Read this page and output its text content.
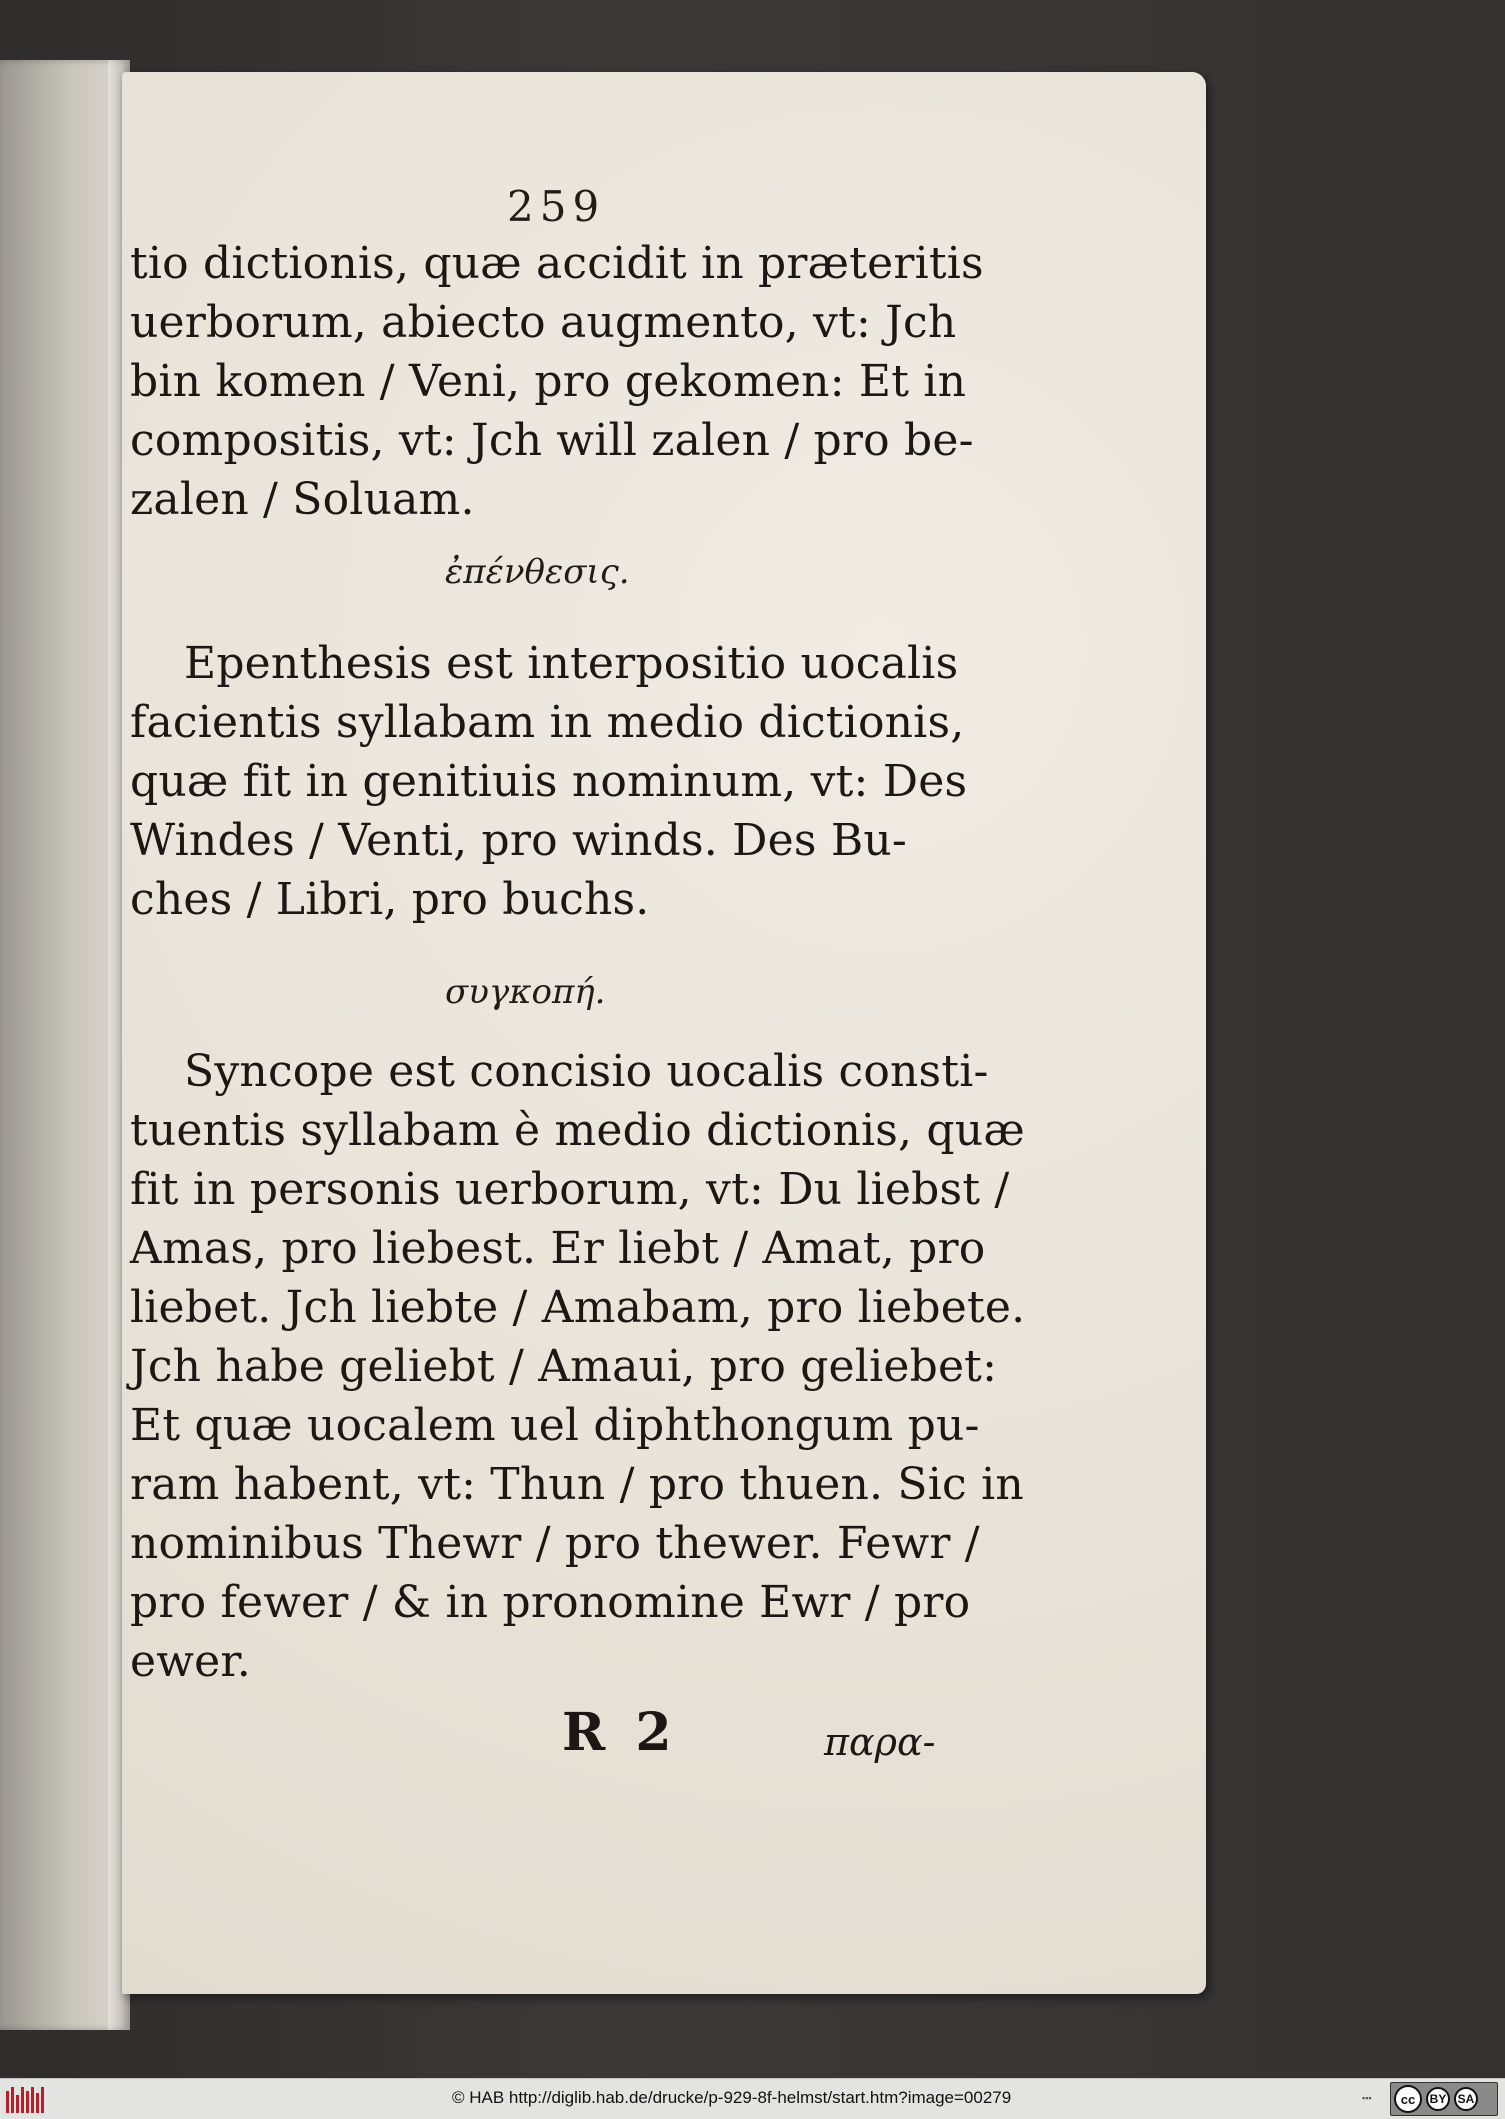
259
tio dictionis, quæ accidit in præteritis
uerborum, abiecto augmento, vt: Jch
bin komen / Veni, pro gekomen: Et in
compositis, vt: Jch will zalen / pro be-
zalen / Soluam.
ἐπένθεσις.
Epenthesis est interpositio uocalis
facientis syllabam in medio dictionis,
quæ fit in genitiuis nominum, vt: Des
Windes / Venti, pro winds. Des Bu-
ches / Libri, pro buchs.
συγκοπή.
Syncope est concisio uocalis consti-
tuentis syllabam è medio dictionis, quæ
fit in personis uerborum, vt: Du liebst /
Amas, pro liebest. Er liebt / Amat, pro
liebet. Jch liebte / Amabam, pro liebete.
Jch habe geliebt / Amaui, pro geliebet:
Et quæ uocalem uel diphthongum pu-
ram habent, vt: Thun / pro thuen. Sic in
nominibus Thewr / pro thewer. Fewr /
pro fewer / & in pronomine Ewr / pro
ewer.
R 2	παρα-
© HAB http://diglib.hab.de/drucke/p-929-8f-helmst/start.htm?image=00279	▪▪▪	cc	BY SA
